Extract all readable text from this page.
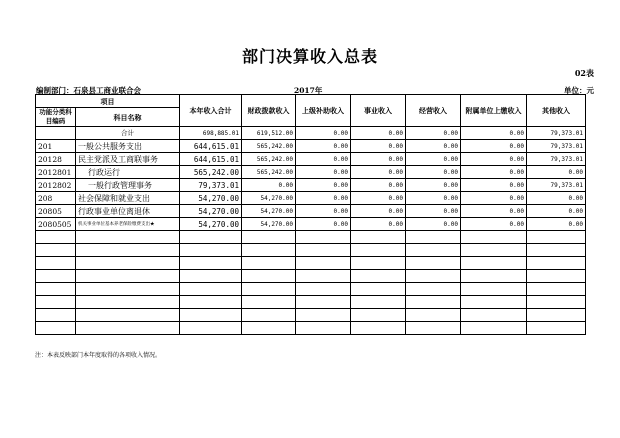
部门决算收入总表
02表
编制部门：石泉县工商业联合会	2017年	单位：元
项目		本年收入合计	财政拨款收入	上级补助收入	事业收入	经营收入	附属单位上缴收入	其他收入
功能分类科目编码	科目名称							

	合计	698,885.01	619,512.00	0.00	0.00	0.00	0.00	79,373.01
201	一般公共服务支出	644,615.01	565,242.00	0.00	0.00	0.00	0.00	79,373.01
20128	民主党派及工商联事务	644,615.01	565,242.00	0.00	0.00	0.00	0.00	79,373.01
2012801	行政运行	565,242.00	565,242.00	0.00	0.00	0.00	0.00	0.00
2012802	一般行政管理事务	79,373.01	0.00	0.00	0.00	0.00	0.00	79,373.01
208	社会保障和就业支出	54,270.00	54,270.00	0.00	0.00	0.00	0.00	0.00
20805	行政事业单位离退休	54,270.00	54,270.00	0.00	0.00	0.00	0.00	0.00
2080505	机关事业单位基本养老保险缴费支出★	54,270.00	54,270.00	0.00	0.00	0.00	0.00	0.00

注：本表反映部门本年度取得的各项收入情况。
